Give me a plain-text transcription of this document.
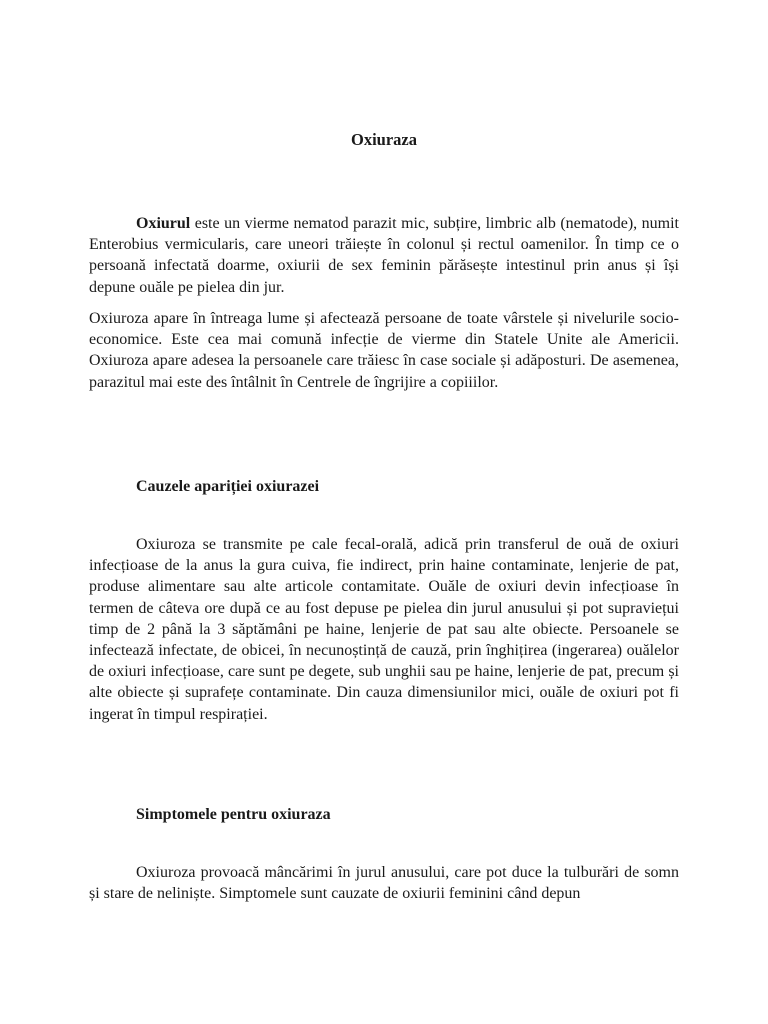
Oxiuraza

Oxiurul este un vierme nematod parazit mic, subțire, limbric alb (nematode), numit Enterobius vermicularis, care uneori trăiește în colonul și rectul oamenilor. În timp ce o persoană infectată doarme, oxiurii de sex feminin părăsește intestinul prin anus și își depune ouăle pe pielea din jur.

Oxiuroza apare în întreaga lume și afectează persoane de toate vârstele și nivelurile socio-economice. Este cea mai comună infecție de vierme din Statele Unite ale Americii. Oxiuroza apare adesea la persoanele care trăiesc în case sociale și adăposturi. De asemenea, parazitul mai este des întâlnit în Centrele de îngrijire a copiiilor.

Cauzele apariției oxiurazei

Oxiuroza se transmite pe cale fecal-orală, adică prin transferul de ouă de oxiuri infecțioase de la anus la gura cuiva, fie indirect, prin haine contaminate, lenjerie de pat, produse alimentare sau alte articole contamitate. Ouăle de oxiuri devin infecțioase în termen de câteva ore după ce au fost depuse pe pielea din jurul anusului și pot supraviețui timp de 2 până la 3 săptămâni pe haine, lenjerie de pat sau alte obiecte. Persoanele se infectează infectate, de obicei, în necunoștință de cauză, prin înghițirea (ingerarea) ouălelor de oxiuri infecțioase, care sunt pe degete, sub unghii sau pe haine, lenjerie de pat, precum și alte obiecte și suprafețe contaminate. Din cauza dimensiunilor mici, ouăle de oxiuri pot fi ingerat în timpul respirației.

Simptomele pentru oxiuraza

Oxiuroza provoacă mâncărimi în jurul anusului, care pot duce la tulburări de somn și stare de neliniște. Simptomele sunt cauzate de oxiurii feminini când depun
